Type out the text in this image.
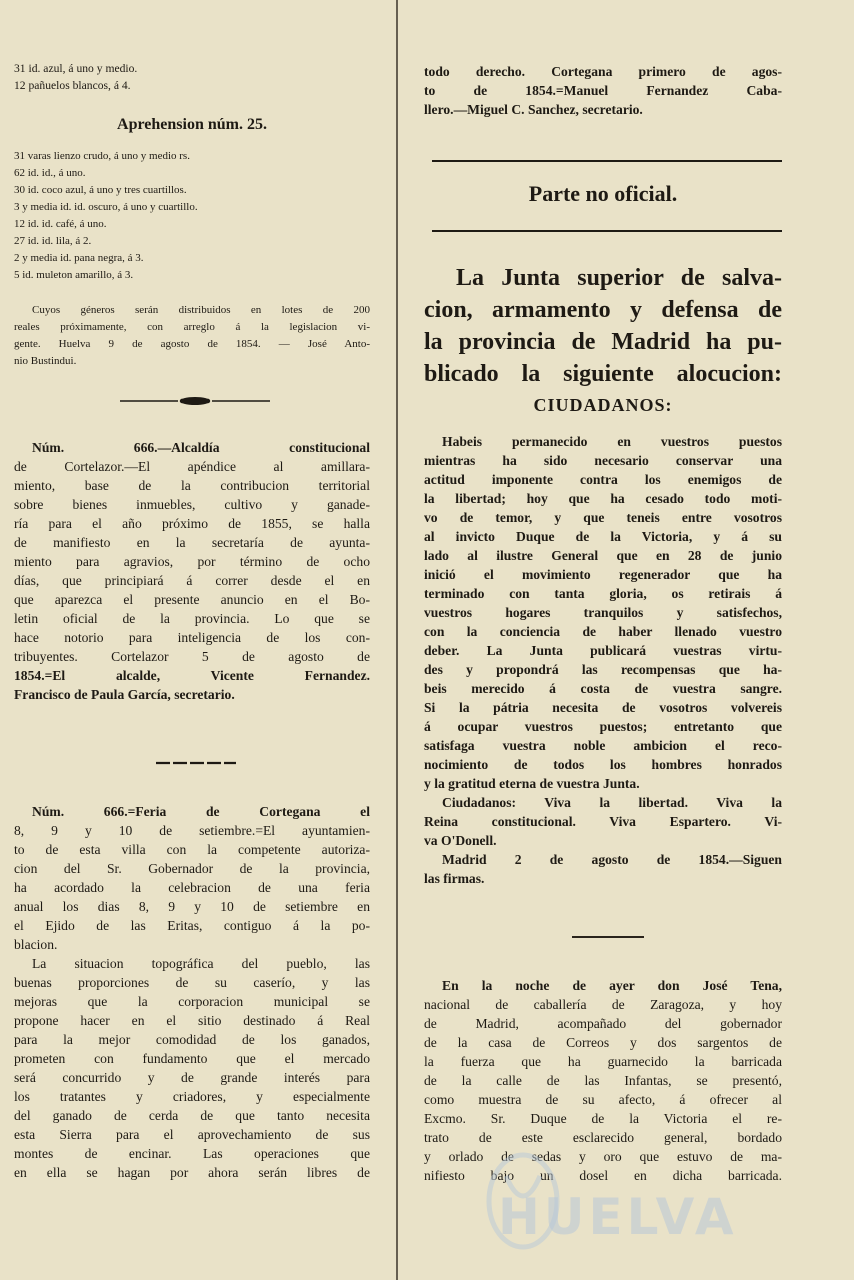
31 id. azul, á uno y medio.
12 pañuelos blancos, á 4.
Aprehension núm. 25.
31 varas lienzo crudo, á uno y medio rs.
62 id. id., á uno.
30 id. coco azul, á uno y tres cuartillos.
3 y media id. id. oscuro, á uno y cuartillo.
12 id. id. café, á uno.
27 id. id. lila, á 2.
2 y media id. pana negra, á 3.
5 id. muleton amarillo, á 3.
Cuyos géneros serán distribuidos en lotes de 200
reales próximamente, con arreglo á la legislacion vi-
gente. Huelva 9 de agosto de 1854. — José Anto-
nio Bustindui.
Núm. 666.—Alcaldía constitucional
de Cortelazor.—El apéndice al amillara-
miento, base de la contribucion territorial
sobre bienes inmuebles, cultivo y ganade-
ría para el año próximo de 1855, se halla
de manifiesto en la secretaría de ayunta-
miento para agravios, por término de ocho
días, que principiará á correr desde el en
que aparezca el presente anuncio en el Bo-
letin oficial de la provincia. Lo que se
hace notorio para inteligencia de los con-
tribuyentes. Cortelazor 5 de agosto de
1854.=El alcalde, Vicente Fernandez.
Francisco de Paula García, secretario.
Núm. 666.=Feria de Cortegana el
8, 9 y 10 de setiembre.=El ayuntamien-
to de esta villa con la competente autoriza-
cion del Sr. Gobernador de la provincia,
ha acordado la celebracion de una feria
anual los dias 8, 9 y 10 de setiembre en
el Ejido de las Eritas, contiguo á la po-
blacion.
La situacion topográfica del pueblo, las
buenas proporciones de su caserío, y las
mejoras que la corporacion municipal se
propone hacer en el sitio destinado á Real
para la mejor comodidad de los ganados,
prometen con fundamento que el mercado
será concurrido y de grande interés para
los tratantes y criadores, y especialmente
del ganado de cerda de que tanto necesita
esta Sierra para el aprovechamiento de sus
montes de encinar. Las operaciones que
en ella se hagan por ahora serán libres de
todo derecho. Cortegana primero de agos-
to de 1854.=Manuel Fernandez Caba-
llero.—Miguel C. Sanchez, secretario.
Parte no oficial.
La Junta superior de salva-
cion, armamento y defensa de
la provincia de Madrid ha pu-
blicado la siguiente alocucion:
CIUDADANOS:
Habeis permanecido en vuestros puestos
mientras ha sido necesario conservar una
actitud imponente contra los enemigos de
la libertad; hoy que ha cesado todo moti-
vo de temor, y que teneis entre vosotros
al invicto Duque de la Victoria, y á su
lado al ilustre General que en 28 de junio
inició el movimiento regenerador que ha
terminado con tanta gloria, os retirais á
vuestros hogares tranquilos y satisfechos,
con la conciencia de haber llenado vuestro
deber. La Junta publicará vuestras virtu-
des y propondrá las recompensas que ha-
beis merecido á costa de vuestra sangre.
Si la pátria necesita de vosotros volvereis
á ocupar vuestros puestos; entretanto que
satisfaga vuestra noble ambicion el reco-
nocimiento de todos los hombres honrados
y la gratitud eterna de vuestra Junta.
Ciudadanos: Viva la libertad. Viva la
Reina constitucional. Viva Espartero. Vi-
va O'Donell.
Madrid 2 de agosto de 1854.—Siguen
las firmas.
En la noche de ayer don José Tena,
nacional de caballería de Zaragoza, y hoy
de Madrid, acompañado del gobernador
de la casa de Correos y dos sargentos de
la fuerza que ha guarnecido la barricada
de la calle de las Infantas, se presentó,
como muestra de su afecto, á ofrecer al
Excmo. Sr. Duque de la Victoria el re-
trato de este esclarecido general, bordado
y orlado de sedas y oro que estuvo de ma-
nifiesto bajo un dosel en dicha barricada.
HUELVA
